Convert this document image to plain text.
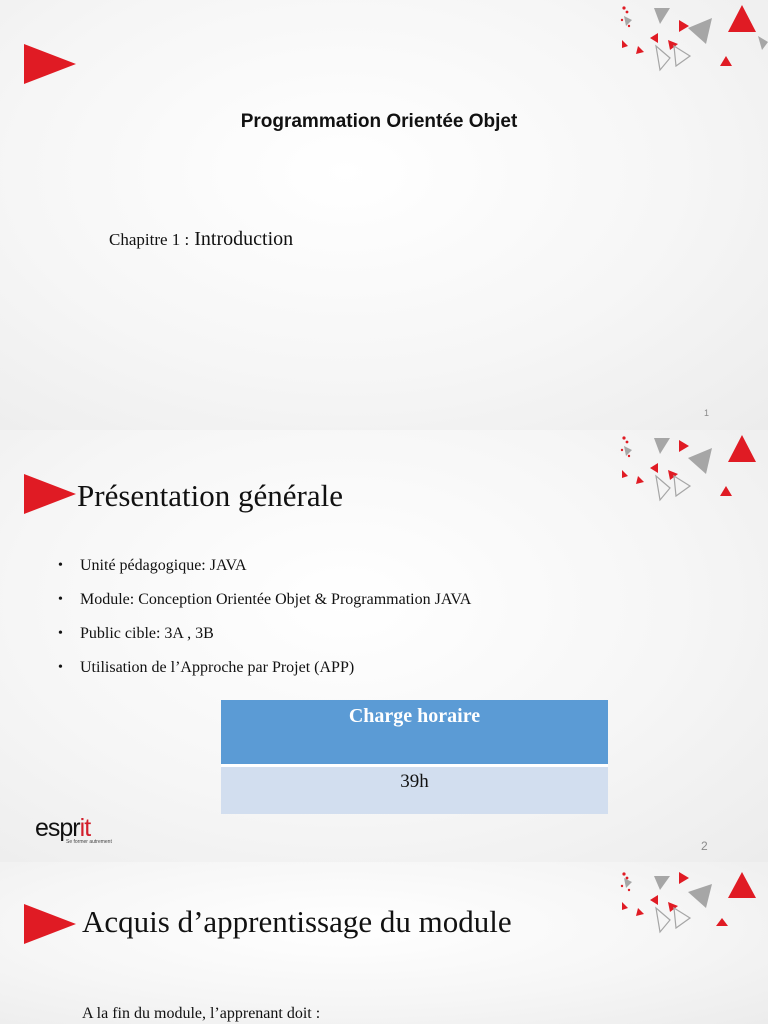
Programmation Orientée Objet
Chapitre 1 : Introduction
1
Présentation générale
• Unité pédagogique: JAVA
• Module: Conception Orientée Objet & Programmation JAVA
• Public cible: 3A , 3B
• Utilisation de l’Approche par Projet (APP)
Charge horaire
39h
esprit
Se former autrement	2
Acquis d’apprentissage du module
A la fin du module, l’apprenant doit :
